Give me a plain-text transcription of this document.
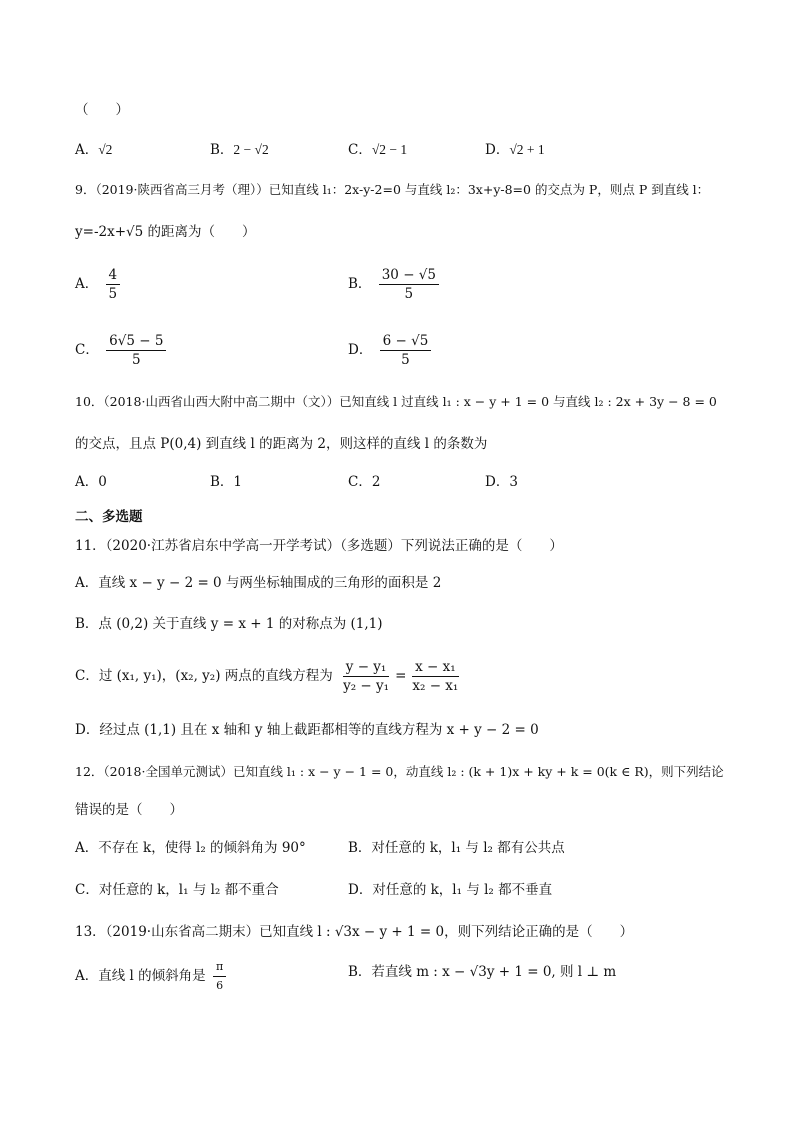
（　　）
A．√2	B．2 − √2	C．√2 − 1	D．√2 + 1
9．（2019·陕西省高三月考（理））已知直线 l₁：2x-y-2=0 与直线 l₂：3x+y-8=0 的交点为 P，则点 P 到直线 l：
y=-2x+√5 的距离为（　　）
A． $\frac{4}{5}$	B． $\frac{30 - √5}{5}$
C． $\frac{6√5 - 5}{5}$	D． $\frac{6 - √5}{5}$
10．（2018·山西省山西大附中高二期中（文））已知直线 l 过直线 l₁ : x − y + 1 = 0 与直线 l₂ : 2x + 3y − 8 = 0
的交点，且点 P(0,4) 到直线 l 的距离为 2，则这样的直线 l 的条数为
A．0	B．1	C．2	D．3
二、多选题
11．（2020·江苏省启东中学高一开学考试）（多选题）下列说法正确的是（　　）
A．直线 x − y − 2 = 0 与两坐标轴围成的三角形的面积是 2
B．点 (0,2) 关于直线 y = x + 1 的对称点为 (1,1)
C．过 (x₁, y₁)，(x₂, y₂) 两点的直线方程为 $\frac{\text{y − y₁}}{\text{y₂ − y₁}} = \frac{\text{x − x₁}}{\text{x₂ − x₁}}$
D．经过点 (1,1) 且在 x 轴和 y 轴上截距都相等的直线方程为 x + y − 2 = 0
12．（2018·全国单元测试）已知直线 l₁ : x − y − 1 = 0，动直线 l₂ : (k + 1)x + ky + k = 0(k ∈ R)，则下列结论
错误的是（　　）
A．不存在 k，使得 l₂ 的倾斜角为 90°	B．对任意的 k，l₁ 与 l₂ 都有公共点
C．对任意的 k，l₁ 与 l₂ 都不重合	D．对任意的 k，l₁ 与 l₂ 都不垂直
13．（2019·山东省高二期末）已知直线 l : √3x − y + 1 = 0，则下列结论正确的是（　　）
A．直线 l 的倾斜角是 $\frac{\pi}{6}$	B．若直线 m : x − √3y + 1 = 0, 则 l ⊥ m
